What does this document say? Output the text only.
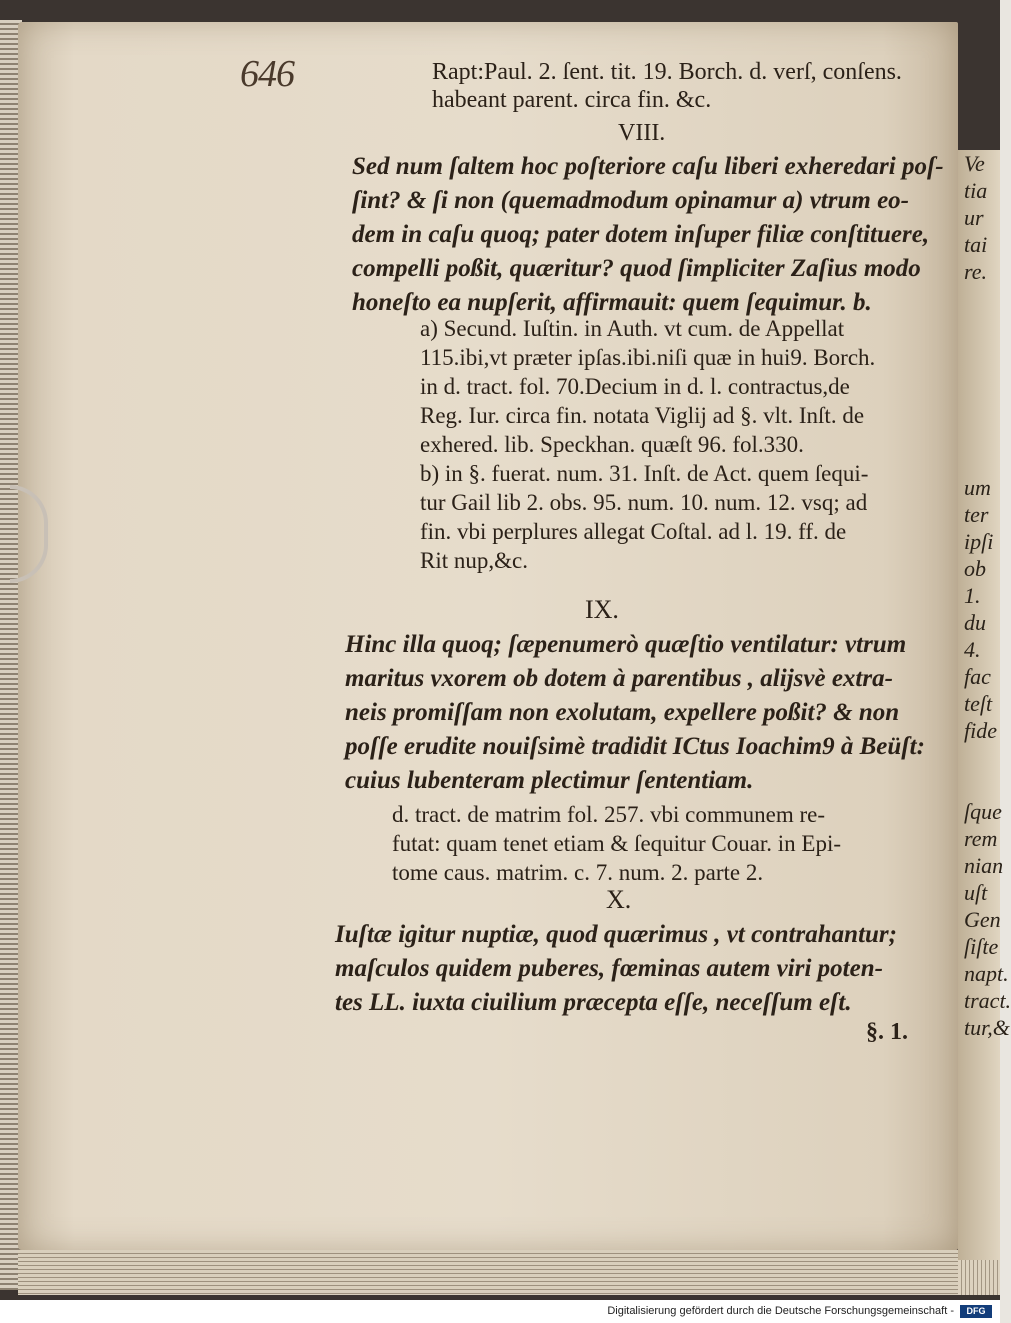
Ve
tia
ur
tai
re.

um
ter
ipſi
ob
1.
du
4.
fac
teſt
fide

ſque
rem
nian
uſt
Gen
ſiſte
napt.
tract.
tur,&
646	Rapt:Paul. 2. ſent. tit. 19. Borch. d. verſ, conſens.
habeant parent. circa fin. &c.
VIII.
Sed num ſaltem hoc poſteriore caſu liberi exheredari poſ-
ſint? & ſi non (quemadmodum opinamur a) vtrum eo-
dem in caſu quoq; pater dotem inſuper filiæ conſtituere,
compelli poßit, quæritur? quod ſimpliciter Zaſius modo
honeſto ea nupſerit, affirmauit: quem ſequimur. b.
a) Secund. Iuſtin. in Auth. vt cum. de Appellat
115.ibi,vt præter ipſas.ibi.niſi quæ in hui9. Borch.
in d. tract. fol. 70.Decium in d. l. contractus,de
Reg. Iur. circa fin. notata Viglij ad §. vlt. Inſt. de
exhered. lib. Speckhan. quæſt 96. fol.330.
b) in §. fuerat. num. 31. Inſt. de Act. quem ſequi-
tur Gail lib 2. obs. 95. num. 10. num. 12. vsq; ad
fin. vbi perplures allegat Coſtal. ad l. 19. ff. de
Rit nup,&c.
IX.
Hinc illa quoq; ſæpenumerò quæſtio ventilatur: vtrum
maritus vxorem ob dotem à parentibus , aliјsvè extra-
neis promiſſam non exolutam, expellere poßit? & non
poſſe erudite nouiſsimè tradidit ICtus Ioachim9 à Beüſt:
cuius lubenteram plectimur ſententiam.
d. tract. de matrim fol. 257. vbi communem re-
futat: quam tenet etiam & ſequitur Couar. in Epi-
tome caus. matrim. c. 7. num. 2. parte 2.
X.
Iuſtæ igitur nuptiæ, quod quærimus , vt contrahantur;
maſculos quidem puberes, fœminas autem viri poten-
tes LL. iuxta ciuilium præcepta eſſe, neceſſum eſt.
§. 1.
Digitalisierung gefördert durch die Deutsche Forschungsgemeinschaft -	DFG
